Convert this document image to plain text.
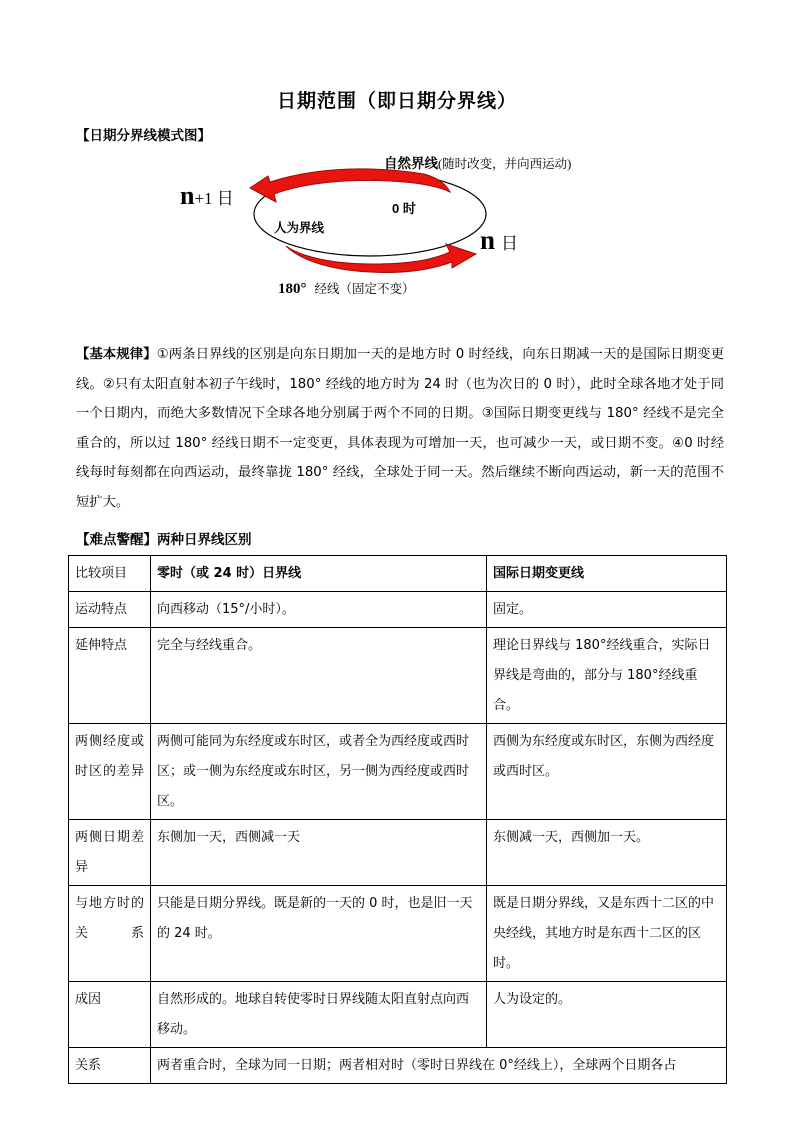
日期范围（即日期分界线）
【日期分界线模式图】
自然界线(随时改变，并向西运动)
n+1 日
0 时
人为界线	n日
180° 经线（固定不变）
【基本规律】①两条日界线的区别是向东日期加一天的是地方时 0 时经线，向东日期减一天的是国际日期变更线。②只有太阳直射本初子午线时，180° 经线的地方时为 24 时（也为次日的 0 时），此时全球各地才处于同一个日期内，而绝大多数情况下全球各地分别属于两个不同的日期。③国际日期变更线与 180° 经线不是完全重合的，所以过 180° 经线日期不一定变更，具体表现为可增加一天，也可减少一天，或日期不变。④0 时经线每时每刻都在向西运动，最终靠拢 180° 经线，全球处于同一天。然后继续不断向西运动，新一天的范围不短扩大。
【难点警醒】两种日界线区别
比较项目	零时（或 24 时）日界线	国际日期变更线
运动特点	向西移动（15°/小时）。	固定。
延伸特点	完全与经线重合。	理论日界线与 180°经线重合，实际日界线是弯曲的，部分与 180°经线重合。
两侧经度或时区的差异	两侧可能同为东经度或东时区，或者全为西经度或西时区；或一侧为东经度或东时区，另一侧为西经度或西时区。	西侧为东经度或东时区，东侧为西经度或西时区。
两侧日期差异	东侧加一天，西侧减一天	东侧减一天，西侧加一天。
与地方时的关系	只能是日期分界线。既是新的一天的 0 时，也是旧一天的 24 时。	既是日期分界线，又是东西十二区的中央经线，其地方时是东西十二区的区时。
成因	自然形成的。地球自转使零时日界线随太阳直射点向西移动。	人为设定的。
关系	两者重合时，全球为同一日期；两者相对时（零时日界线在 0°经线上），全球两个日期各占	
